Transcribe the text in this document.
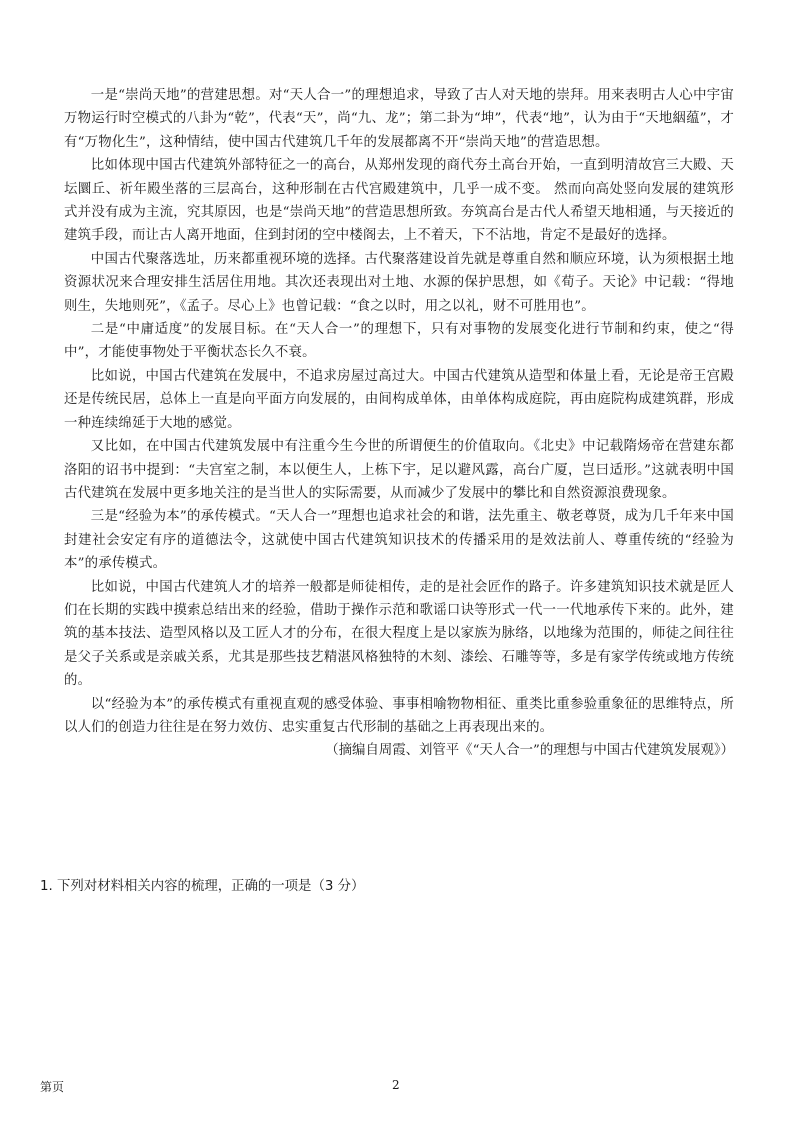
一是“崇尚天地”的营建思想。对“天人合一”的理想追求，导致了古人对天地的崇拜。用来表明古人心中宇宙万物运行时空模式的八卦为“乾”，代表“天”，尚“九、龙”；第二卦为“坤”，代表“地”，认为由于“天地絪蕴”，才有“万物化生”，这种情结，使中国古代建筑几千年的发展都离不开“崇尚天地”的营造思想。

比如体现中国古代建筑外部特征之一的高台，从郑州发现的商代夯土高台开始，一直到明清故宫三大殿、天坛圜丘、祈年殿坐落的三层高台，这种形制在古代宫殿建筑中，几乎一成不变。 然而向高处竖向发展的建筑形式并没有成为主流，究其原因，也是“崇尚天地”的营造思想所致。夯筑高台是古代人希望天地相通，与天接近的建筑手段，而让古人离开地面，住到封闭的空中楼阁去，上不着天，下不沾地，肯定不是最好的选择。

中国古代聚落选址，历来都重视环境的选择。古代聚落建设首先就是尊重自然和顺应环境，认为须根据土地资源状况来合理安排生活居住用地。其次还表现出对土地、水源的保护思想，如《荀子。天论》中记载：“得地则生，失地则死”，《孟子。尽心上》也曾记载：“食之以时，用之以礼，财不可胜用也”。

二是“中庸适度”的发展目标。在“天人合一”的理想下，只有对事物的发展变化进行节制和约束，使之“得中”，才能使事物处于平衡状态长久不衰。

比如说，中国古代建筑在发展中，不追求房屋过高过大。中国古代建筑从造型和体量上看，无论是帝王宫殿还是传统民居，总体上一直是向平面方向发展的，由间构成单体，由单体构成庭院，再由庭院构成建筑群，形成一种连续绵延于大地的感觉。

又比如，在中国古代建筑发展中有注重今生今世的所谓便生的价值取向。《北史》中记载隋炀帝在营建东都洛阳的诏书中提到：“夫宫室之制，本以便生人，上栋下宇，足以避风露，高台广厦，岂曰适形。”这就表明中国古代建筑在发展中更多地关注的是当世人的实际需要，从而减少了发展中的攀比和自然资源浪费现象。

三是“经验为本”的承传模式。“天人合一”理想也追求社会的和谐，法先重主、敬老尊贤，成为几千年来中国封建社会安定有序的道德法令，这就使中国古代建筑知识技术的传播采用的是效法前人、尊重传统的“经验为本”的承传模式。

比如说，中国古代建筑人才的培养一般都是师徒相传，走的是社会匠作的路子。许多建筑知识技术就是匠人们在长期的实践中摸索总结出来的经验，借助于操作示范和歌谣口诀等形式一代一一代地承传下来的。此外，建筑的基本技法、造型风格以及工匠人才的分布，在很大程度上是以家族为脉络，以地缘为范围的，师徒之间往往是父子关系或是亲戚关系，尤其是那些技艺精湛风格独特的木刻、漆绘、石雕等等，多是有家学传统或地方传统的。

以“经验为本”的承传模式有重视直观的感受体验、事事相喻物物相征、重类比重参验重象征的思维特点，所以人们的创造力往往是在努力效仿、忠实重复古代形制的基础之上再表现出来的。

（摘编自周霞、刘管平《“天人合一”的理想与中国古代建筑发展观》）

1. 下列对材料相关内容的梳理，正确的一项是（3 分）

第页	2
